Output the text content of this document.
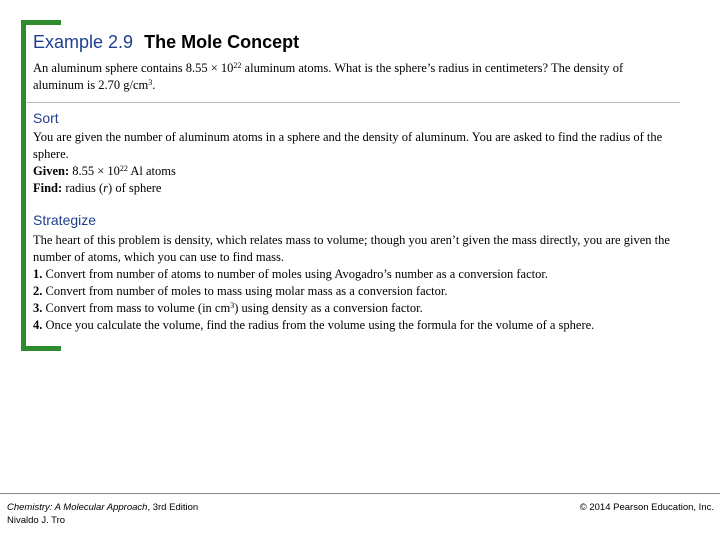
Example 2.9 The Mole Concept
An aluminum sphere contains $8.55 \times 10^{22}$ aluminum atoms. What is the sphere’s radius in centimeters? The density of aluminum is 2.70 $g/cm^3$.
Sort

You are given the number of aluminum atoms in a sphere and the density of aluminum. You are asked to find the radius of the sphere.

Given: $8.55 \times 10^{22}$ Al atoms

Find: radius (r) of sphere

Strategize

The heart of this problem is density, which relates mass to volume; though you aren’t given the mass directly, you are given the number of atoms, which you can use to find mass.

1. Convert from number of atoms to number of moles using Avogadro’s number as a conversion factor.

2. Convert from number of moles to mass using molar mass as a conversion factor.

3. Convert from mass to volume (in $cm^3$) using density as a conversion factor.

4. Once you calculate the volume, find the radius from the volume using the formula for the volume of a sphere.

Chemistry: A Molecular Approach, 3rd Edition
Nivaldo J. Tro
© 2014 Pearson Education, Inc.
